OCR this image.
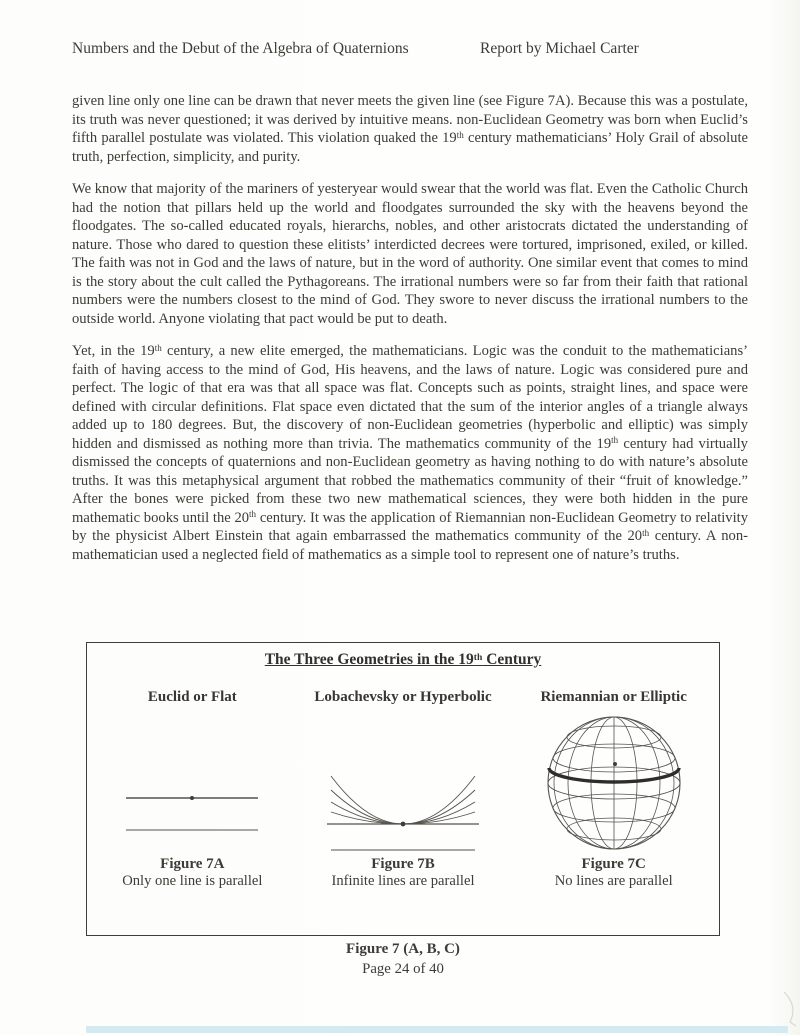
Numbers and the Debut of the Algebra of Quaternions	Report by Michael Carter

given line only one line can be drawn that never meets the given line (see Figure 7A). Because this was a postulate, its truth was never questioned; it was derived by intuitive means. non-Euclidean Geometry was born when Euclid’s fifth parallel postulate was violated. This violation quaked the 19th century mathematicians’ Holy Grail of absolute truth, perfection, simplicity, and purity.

We know that majority of the mariners of yesteryear would swear that the world was flat. Even the Catholic Church had the notion that pillars held up the world and floodgates surrounded the sky with the heavens beyond the floodgates. The so-called educated royals, hierarchs, nobles, and other aristocrats dictated the understanding of nature. Those who dared to question these elitists’ interdicted decrees were tortured, imprisoned, exiled, or killed. The faith was not in God and the laws of nature, but in the word of authority. One similar event that comes to mind is the story about the cult called the Pythagoreans. The irrational numbers were so far from their faith that rational numbers were the numbers closest to the mind of God. They swore to never discuss the irrational numbers to the outside world. Anyone violating that pact would be put to death.

Yet, in the 19th century, a new elite emerged, the mathematicians. Logic was the conduit to the mathematicians’ faith of having access to the mind of God, His heavens, and the laws of nature. Logic was considered pure and perfect. The logic of that era was that all space was flat. Concepts such as points, straight lines, and space were defined with circular definitions. Flat space even dictated that the sum of the interior angles of a triangle always added up to 180 degrees. But, the discovery of non-Euclidean geometries (hyperbolic and elliptic) was simply hidden and dismissed as nothing more than trivia. The mathematics community of the 19th century had virtually dismissed the concepts of quaternions and non-Euclidean geometry as having nothing to do with nature’s absolute truths. It was this metaphysical argument that robbed the mathematics community of their “fruit of knowledge.” After the bones were picked from these two new mathematical sciences, they were both hidden in the pure mathematic books until the 20th century. It was the application of Riemannian non-Euclidean Geometry to relativity by the physicist Albert Einstein that again embarrassed the mathematics community of the 20th century. A non-mathematician used a neglected field of mathematics as a simple tool to represent one of nature’s truths.

The Three Geometries in the 19th Century
Euclid or Flat
Figure 7A
Only one line is parallel
Lobachevsky or Hyperbolic
Figure 7B
Infinite lines are parallel
Riemannian or Elliptic
Figure 7C
No lines are parallel
Figure 7 (A, B, C)
Page 24 of 40
